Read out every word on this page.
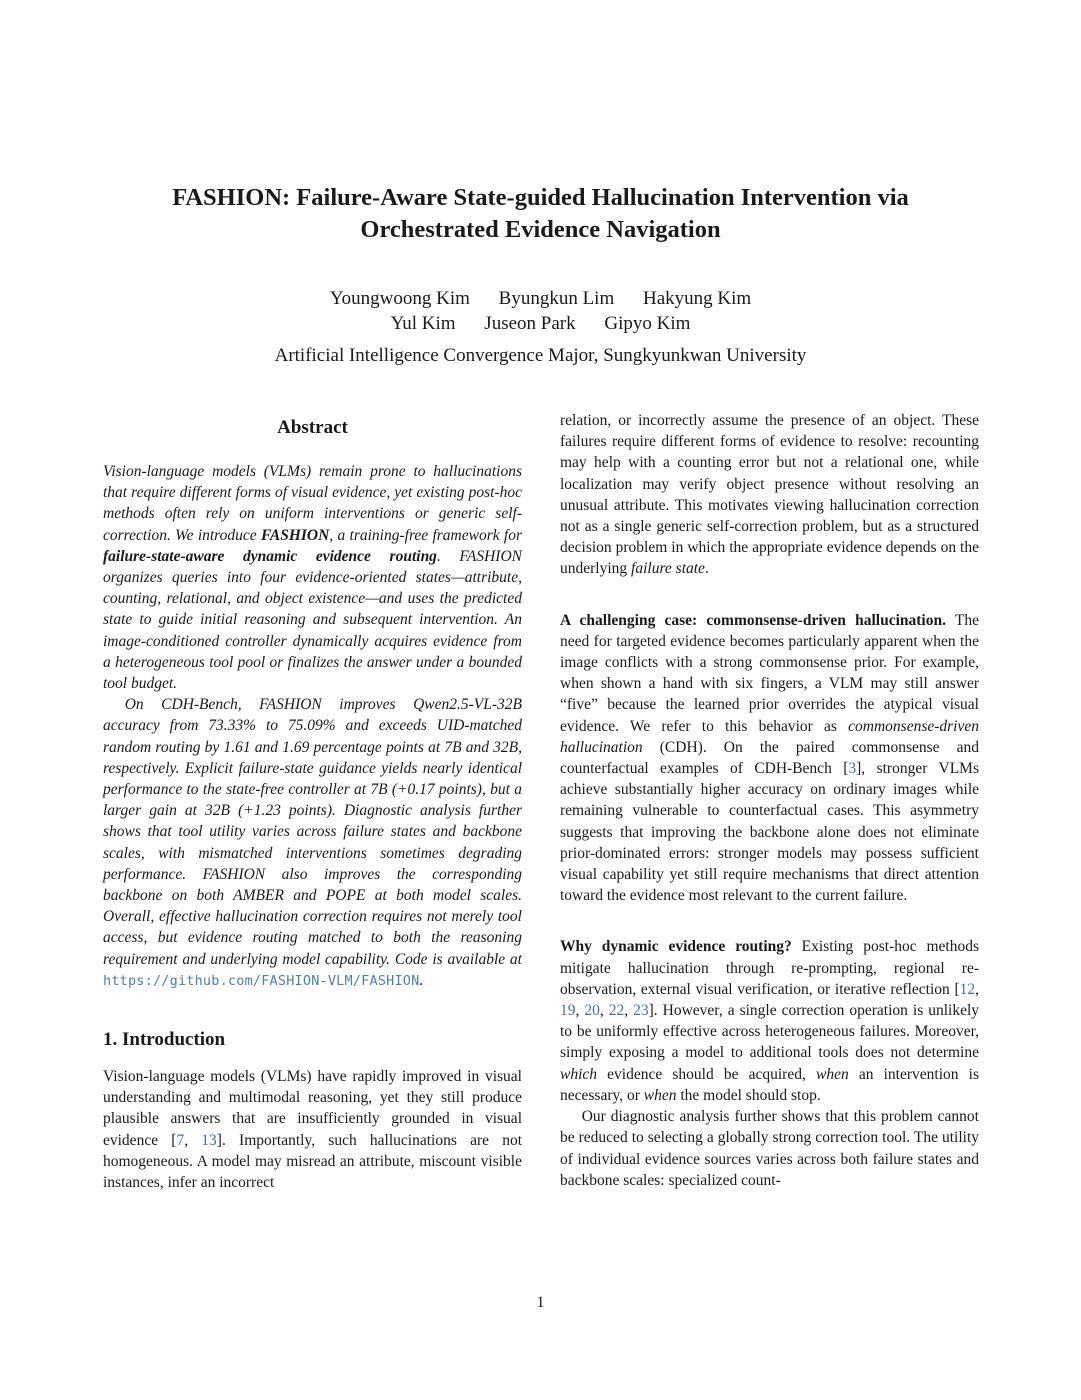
FASHION: Failure-Aware State-guided Hallucination Intervention via
Orchestrated Evidence Navigation
Youngwoong Kim Byungkun Lim Hakyung Kim
Yul Kim Juseon Park Gipyo Kim
Artificial Intelligence Convergence Major, Sungkyunkwan University
Abstract

Vision-language models (VLMs) remain prone to hallucinations that require different forms of visual evidence, yet existing post-hoc methods often rely on uniform interventions or generic self-correction. We introduce FASHION, a training-free framework for failure-state-aware dynamic evidence routing. FASHION organizes queries into four evidence-oriented states—attribute, counting, relational, and object existence—and uses the predicted state to guide initial reasoning and subsequent intervention. An image-conditioned controller dynamically acquires evidence from a heterogeneous tool pool or finalizes the answer under a bounded tool budget.

On CDH-Bench, FASHION improves Qwen2.5-VL-32B accuracy from 73.33% to 75.09% and exceeds UID-matched random routing by 1.61 and 1.69 percentage points at 7B and 32B, respectively. Explicit failure-state guidance yields nearly identical performance to the state-free controller at 7B (+0.17 points), but a larger gain at 32B (+1.23 points). Diagnostic analysis further shows that tool utility varies across failure states and backbone scales, with mismatched interventions sometimes degrading performance. FASHION also improves the corresponding backbone on both AMBER and POPE at both model scales. Overall, effective hallucination correction requires not merely tool access, but evidence routing matched to both the reasoning requirement and underlying model capability. Code is available at https://github.com/FASHION-VLM/FASHION.

1. Introduction

Vision-language models (VLMs) have rapidly improved in visual understanding and multimodal reasoning, yet they still produce plausible answers that are insufficiently grounded in visual evidence [7, 13]. Importantly, such hallucinations are not homogeneous. A model may misread an attribute, miscount visible instances, infer an incorrect

relation, or incorrectly assume the presence of an object. These failures require different forms of evidence to resolve: recounting may help with a counting error but not a relational one, while localization may verify object presence without resolving an unusual attribute. This motivates viewing hallucination correction not as a single generic self-correction problem, but as a structured decision problem in which the appropriate evidence depends on the underlying failure state.

A challenging case: commonsense-driven hallucination. The need for targeted evidence becomes particularly apparent when the image conflicts with a strong commonsense prior. For example, when shown a hand with six fingers, a VLM may still answer “five” because the learned prior overrides the atypical visual evidence. We refer to this behavior as commonsense-driven hallucination (CDH). On the paired commonsense and counterfactual examples of CDH-Bench [3], stronger VLMs achieve substantially higher accuracy on ordinary images while remaining vulnerable to counterfactual cases. This asymmetry suggests that improving the backbone alone does not eliminate prior-dominated errors: stronger models may possess sufficient visual capability yet still require mechanisms that direct attention toward the evidence most relevant to the current failure.

Why dynamic evidence routing? Existing post-hoc methods mitigate hallucination through re-prompting, regional re-observation, external visual verification, or iterative reflection [12, 19, 20, 22, 23]. However, a single correction operation is unlikely to be uniformly effective across heterogeneous failures. Moreover, simply exposing a model to additional tools does not determine which evidence should be acquired, when an intervention is necessary, or when the model should stop.

Our diagnostic analysis further shows that this problem cannot be reduced to selecting a globally strong correction tool. The utility of individual evidence sources varies across both failure states and backbone scales: specialized count-

1
